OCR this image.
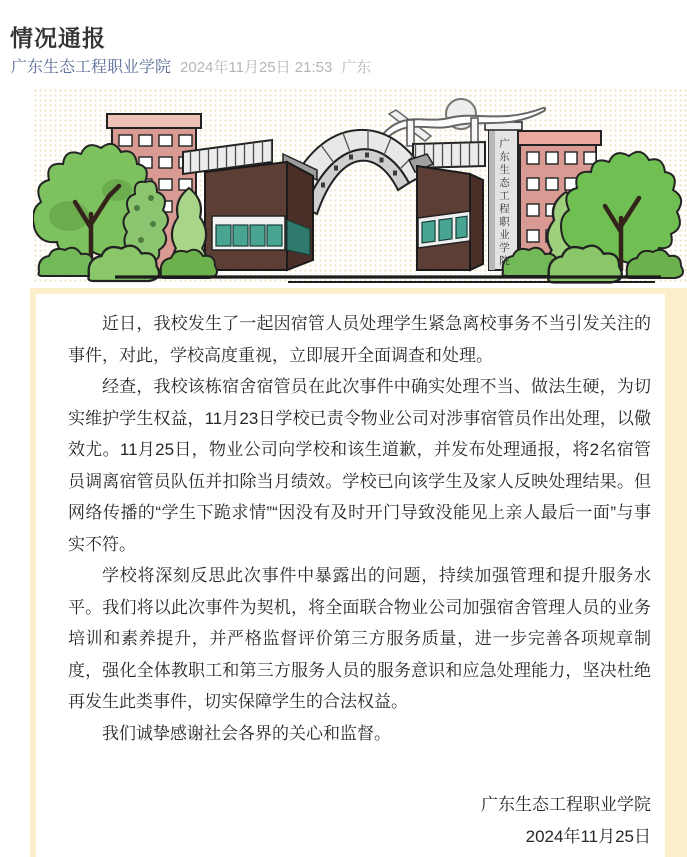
情况通报
广东生态工程职业学院 2024年11月25日 21:53 广东
广东生态工程职业学院

近日，我校发生了一起因宿管人员处理学生紧急离校事务不当引发关注的事件，对此，学校高度重视，立即展开全面调查和处理。

经查，我校该栋宿舍宿管员在此次事件中确实处理不当、做法生硬，为切实维护学生权益，11月23日学校已责令物业公司对涉事宿管员作出处理，以儆效尤。11月25日，物业公司向学校和该生道歉，并发布处理通报，将2名宿管员调离宿管员队伍并扣除当月绩效。学校已向该学生及家人反映处理结果。但网络传播的“学生下跪求情”“因没有及时开门导致没能见上亲人最后一面”与事实不符。

学校将深刻反思此次事件中暴露出的问题，持续加强管理和提升服务水平。我们将以此次事件为契机，将全面联合物业公司加强宿舍管理人员的业务培训和素养提升，并严格监督评价第三方服务质量，进一步完善各项规章制度，强化全体教职工和第三方服务人员的服务意识和应急处理能力，坚决杜绝再发生此类事件，切实保障学生的合法权益。

我们诚挚感谢社会各界的关心和监督。

广东生态工程职业学院
2024年11月25日
